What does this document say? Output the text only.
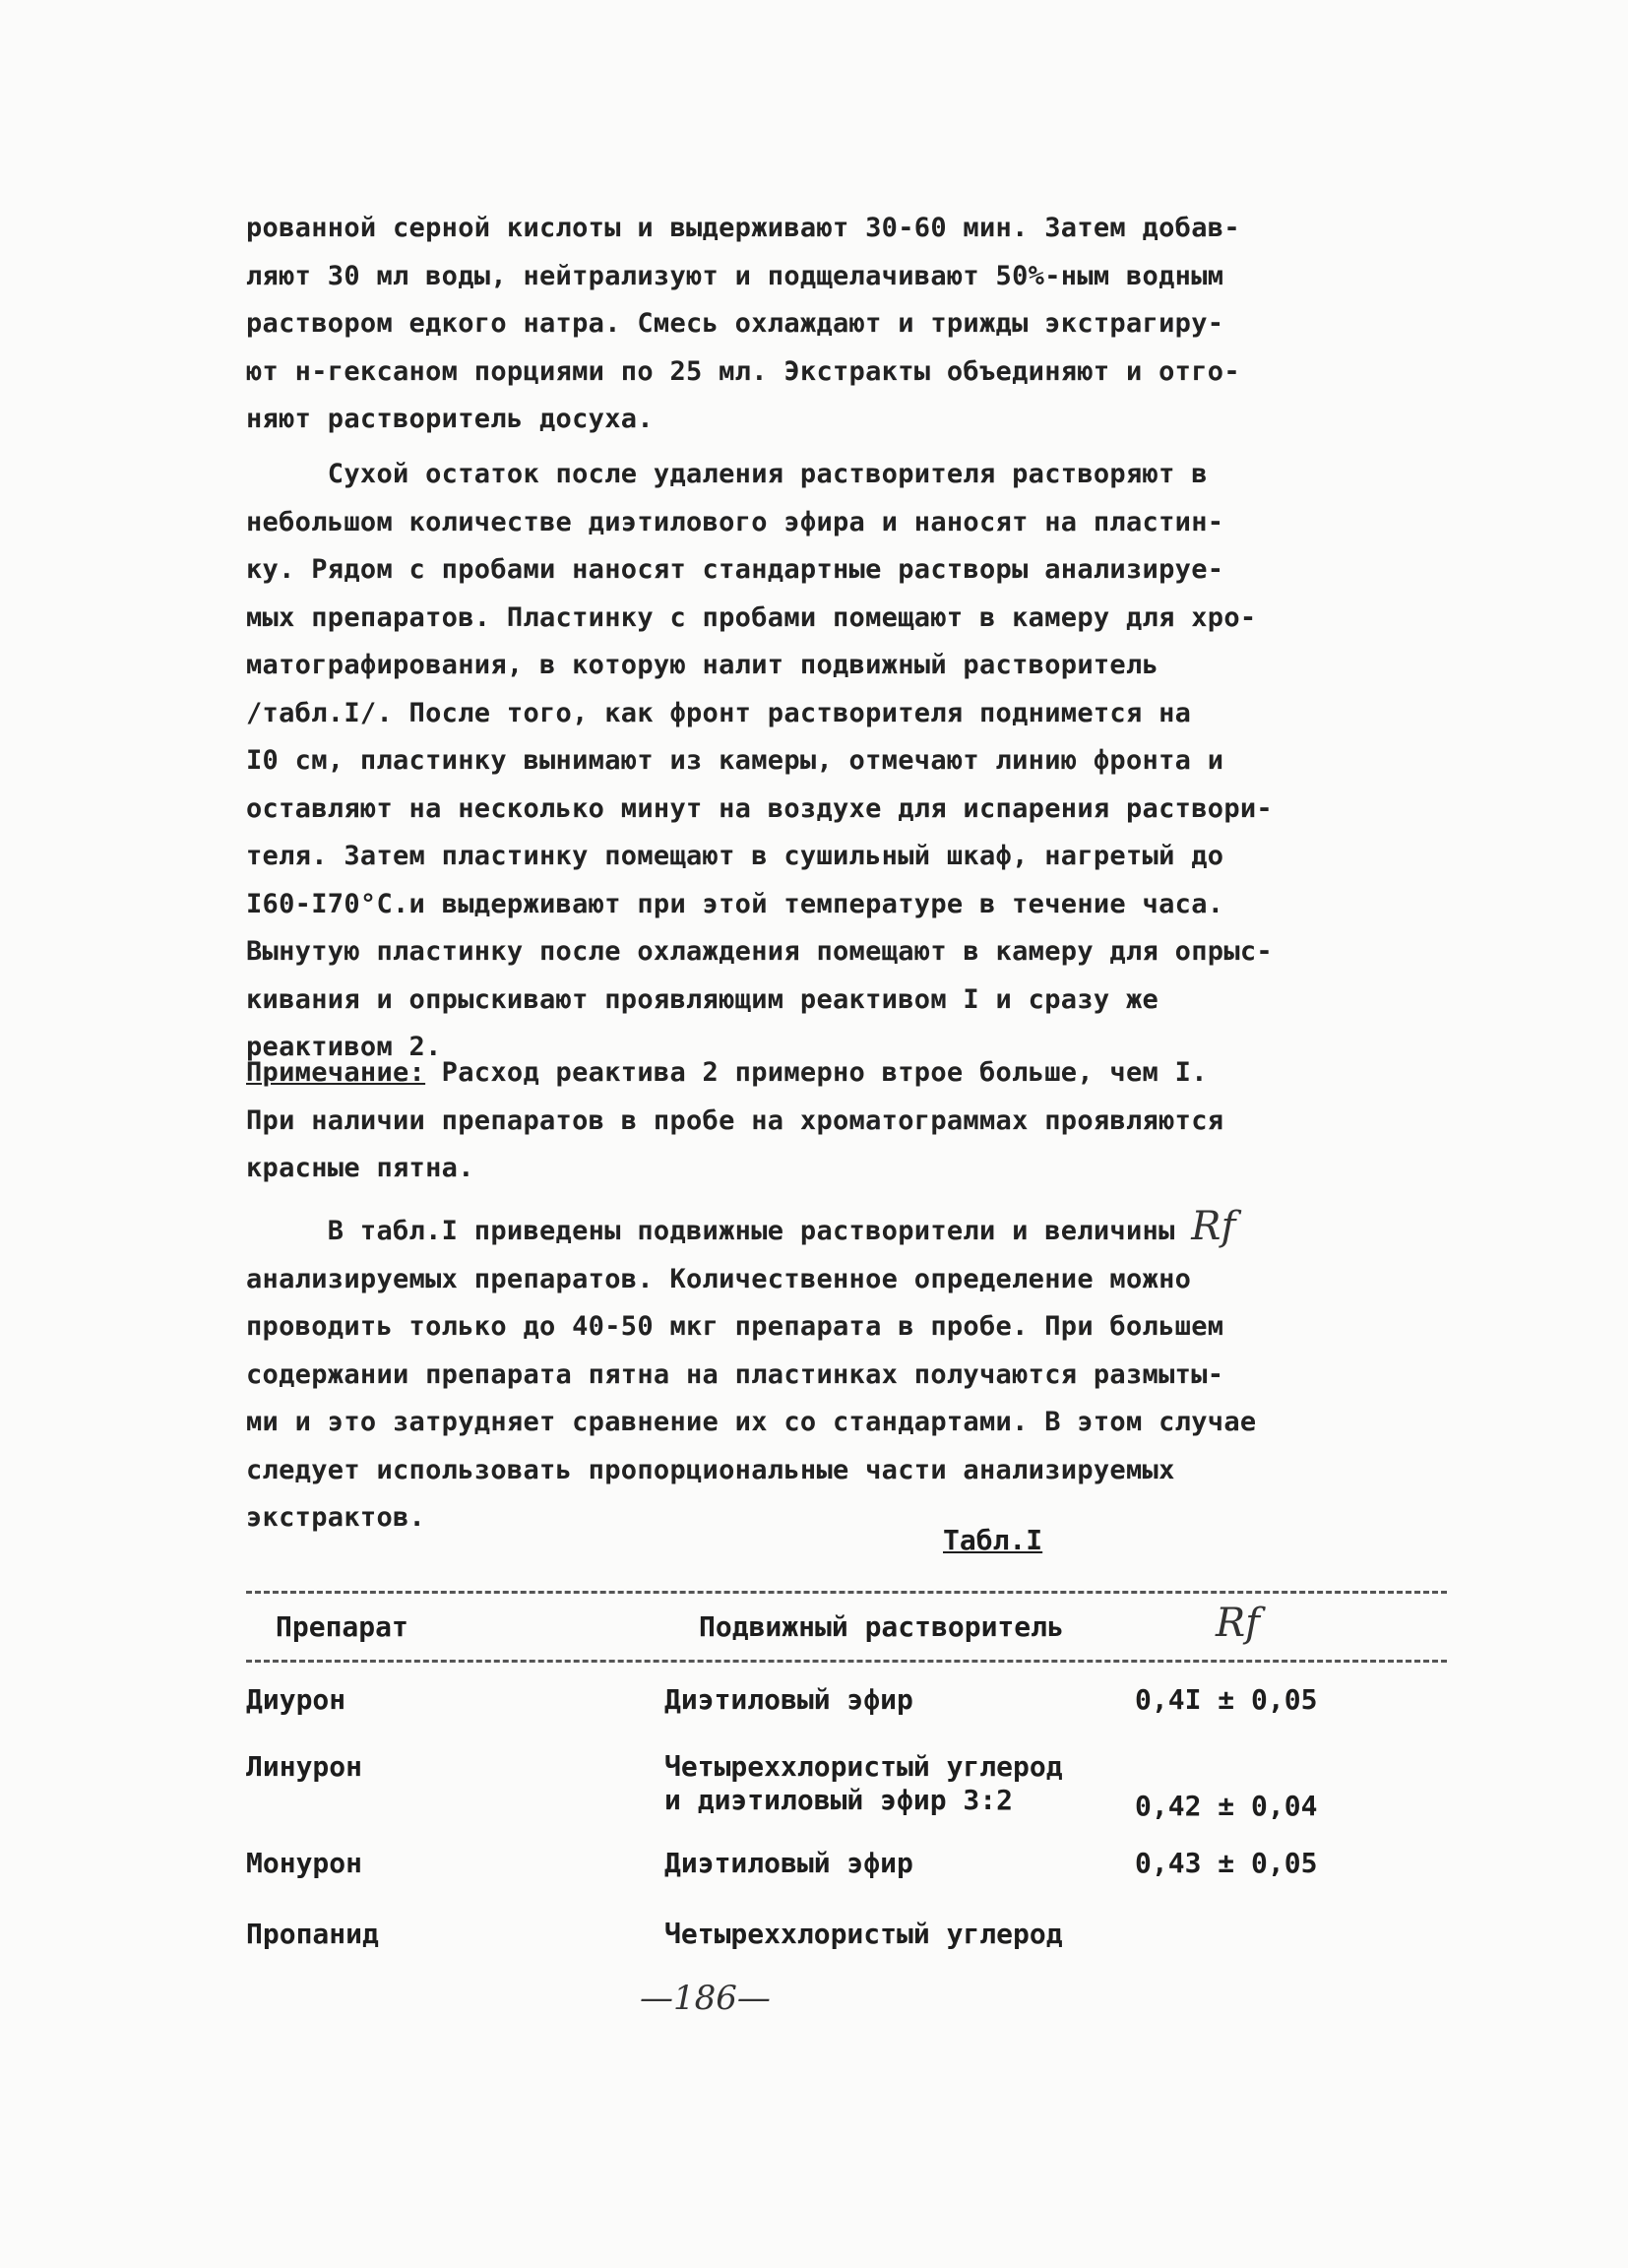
рованной серной кислоты и выдерживают 30-60 мин. Затем добав-
ляют 30 мл воды, нейтрализуют и подщелачивают 50%-ным водным
раствором едкого натра. Смесь охлаждают и трижды экстрагиру-
ют н-гексаном порциями по 25 мл. Экстракты объединяют и отго-
няют растворитель досуха.
Сухой остаток после удаления растворителя растворяют в
небольшом количестве диэтилового эфира и наносят на пластин-
ку. Рядом с пробами наносят стандартные растворы анализируе-
мых препаратов. Пластинку с пробами помещают в камеру для хро-
матографирования, в которую налит подвижный растворитель
/табл.I/. После того, как фронт растворителя поднимется на
I0 см, пластинку вынимают из камеры, отмечают линию фронта и
оставляют на несколько минут на воздухе для испарения раствори-
теля. Затем пластинку помещают в сушильный шкаф, нагретый до
I60-I70°С.и выдерживают при этой температуре в течение часа.
Вынутую пластинку после охлаждения помещают в камеру для опрыс-
кивания и опрыскивают проявляющим реактивом I и сразу же
реактивом 2.
Примечание: Расход реактива 2 примерно втрое больше, чем I.
При наличии препаратов в пробе на хроматограммах проявляются
красные пятна.
В табл.I приведены подвижные растворители и величины Rf
анализируемых препаратов. Количественное определение можно
проводить только до 40-50 мкг препарата в пробе. При большем
содержании препарата пятна на пластинках получаются размыты-
ми и это затрудняет сравнение их со стандартами. В этом случае
следует использовать пропорциональные части анализируемых
экстрактов.
Табл.I
Препарат	Подвижный растворитель	Rf
Диурон	Диэтиловый эфир	0,4I ± 0,05
Линурон	Четыреххлористый углерод
и диэтиловый эфир 3:2	0,42 ± 0,04
Монурон	Диэтиловый эфир	0,43 ± 0,05
Пропанид	Четыреххлористый углерод
—186—
